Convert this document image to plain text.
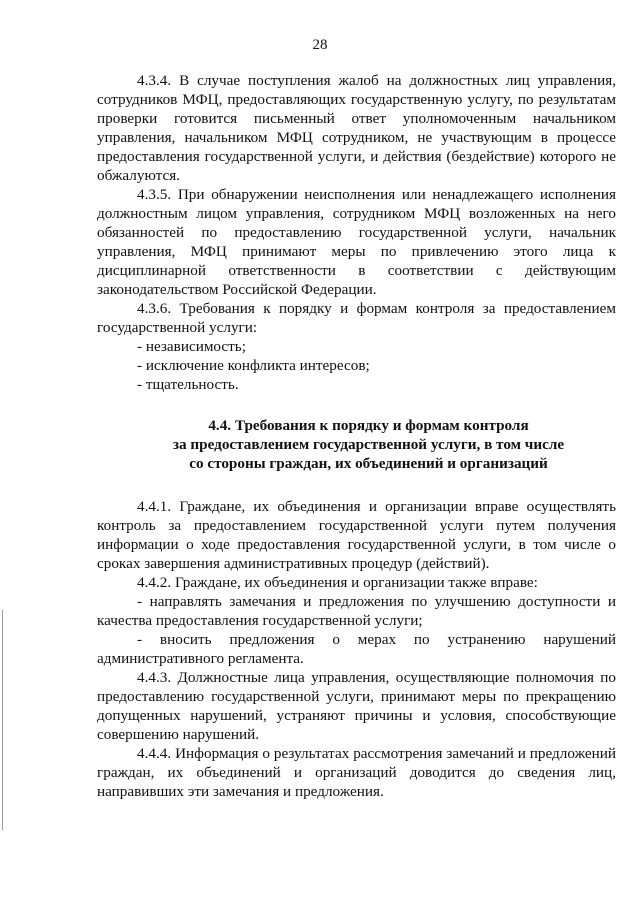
28

4.3.4. В случае поступления жалоб на должностных лиц управления, сотрудников МФЦ, предоставляющих государственную услугу, по результатам проверки готовится письменный ответ уполномоченным начальником управления, начальником МФЦ сотрудником, не участвующим в процессе предоставления государственной услуги, и действия (бездействие) которого не обжалуются.

4.3.5. При обнаружении неисполнения или ненадлежащего исполнения должностным лицом управления, сотрудником МФЦ возложенных на него обязанностей по предоставлению государственной услуги, начальник управления, МФЦ принимают меры по привлечению этого лица к дисциплинарной ответственности в соответствии с действующим законодательством Российской Федерации.

4.3.6. Требования к порядку и формам контроля за предоставлением государственной услуги:

- независимость;

- исключение конфликта интересов;

- тщательность.

4.4. Требования к порядку и формам контроля

за предоставлением государственной услуги, в том числе

со стороны граждан, их объединений и организаций

4.4.1. Граждане, их объединения и организации вправе осуществлять контроль за предоставлением государственной услуги путем получения информации о ходе предоставления государственной услуги, в том числе о сроках завершения административных процедур (действий).

4.4.2. Граждане, их объединения и организации также вправе:

- направлять замечания и предложения по улучшению доступности и качества предоставления государственной услуги;

- вносить предложения о мерах по устранению нарушений административного регламента.

4.4.3. Должностные лица управления, осуществляющие полномочия по предоставлению государственной услуги, принимают меры по прекращению допущенных нарушений, устраняют причины и условия, способствующие совершению нарушений.

4.4.4. Информация о результатах рассмотрения замечаний и предложений граждан, их объединений и организаций доводится до сведения лиц, направивших эти замечания и предложения.
